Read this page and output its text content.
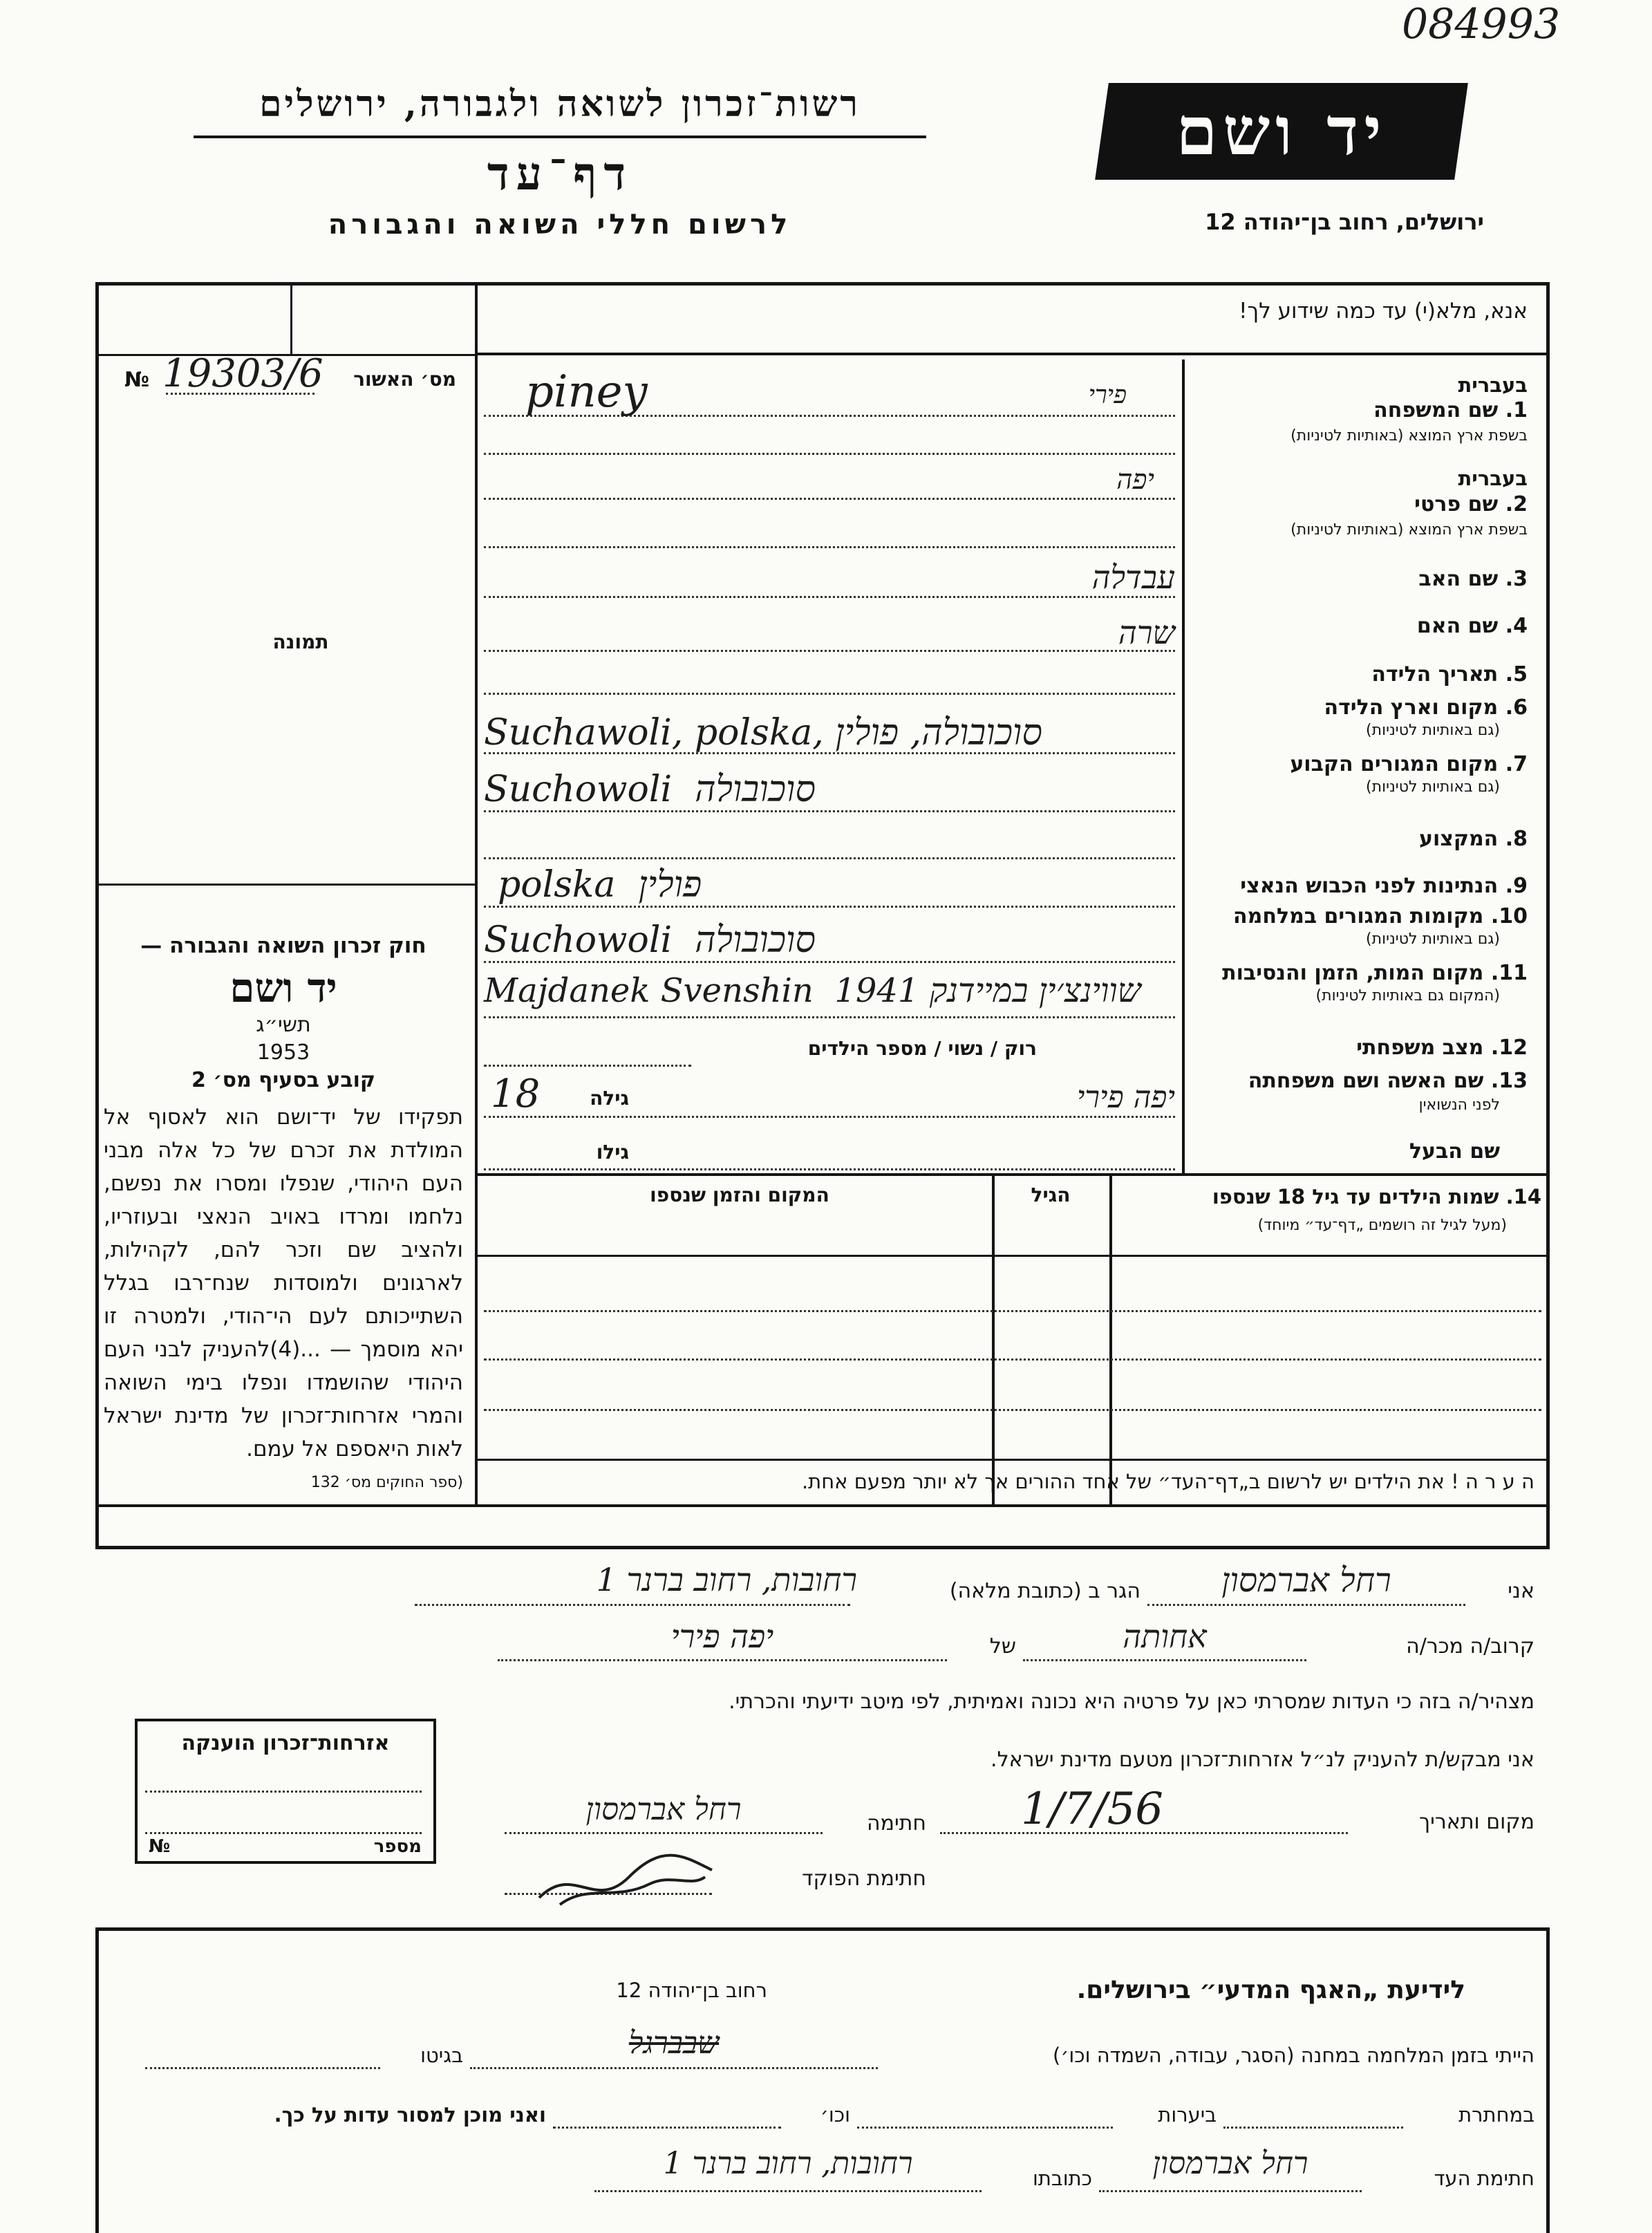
084993
רשות־זכרון לשואה ולגבורה, ירושלים
דף־עד
לרשום חללי השואה והגבורה
יד ושם
ירושלים, רחוב בן־יהודה 12
№ 19303/6	מס׳ האשור
תמונה
חוק זכרון השואה והגבורה —
יד ושם
תשי״ג
1953
קובע בסעיף מס׳ 2
תפקידו של יד־ושם הוא לאסוף אל המולדת את זכרם של כל אלה מבני העם היהודי, שנפלו ומסרו את נפשם, נלחמו ומרדו באויב הנאצי ובעוזריו, ולהציב שם וזכר להם, לקהילות, לארגונים ולמוסדות שנח־רבו בגלל השתייכותם לעם הי־הודי, ולמטרה זו יהא מוסמך — ...(4)להעניק לבני העם היהודי שהושמדו ונפלו בימי השואה והמרי אזרחות־זכרון של מדינת ישראל לאות היאספם אל עמם.
(ספר החוקים מס׳ 132
אנא, מלא(י) עד כמה שידוע לך!
בעברית
1. שם המשפחה
בשפת ארץ המוצא (באותיות לטיניות)
פירי
piney
בעברית
2. שם פרטי
בשפת ארץ המוצא (באותיות לטיניות)
יפה
3. שם האב
עבדלה
4. שם האם
שרה
5. תאריך הלידה
6. מקום וארץ הלידה
(גם באותיות לטיניות)
Suchawoli, polska, סוכובולה, פולין
7. מקום המגורים הקבוע
(גם באותיות לטיניות)
Suchowoli  סוכובולה
8. המקצוע
9. הנתינות לפני הכבוש הנאצי
polska  פולין
10. מקומות המגורים במלחמה
(גם באותיות לטיניות)
Suchowoli  סוכובולה
11. מקום המות, הזמן והנסיבות
(המקום גם באותיות לטיניות)
Majdanek Svenshin  שווינצ׳ין במיידנק 1941
12. מצב משפחתי
רוק / נשוי / מספר הילדים
13. שם האשה ושם משפחתה
לפני הנשואין
יפה פירי
גילה
18
שם הבעל
גילו
14. שמות הילדים עד גיל 18 שנספו
(מעל לגיל זה רושמים „דף־עד״ מיוחד)
הגיל
המקום והזמן שנספו
ה ע ר ה ! את הילדים יש לרשום ב„דף־העד״ של אחד ההורים אך לא יותר מפעם אחת.
אני
רחל אברמסון
הגר ב (כתובת מלאה)
רחובות, רחוב ברנר 1
קרוב/ה מכר/ה
אחותה
של
יפה פירי
מצהיר/ה בזה כי העדות שמסרתי כאן על פרטיה היא נכונה ואמיתית, לפי מיטב ידיעתי והכרתי.
אני מבקש/ת להעניק לנ״ל אזרחות־זכרון מטעם מדינת ישראל.
מקום ותאריך
1/7/56
חתימה
רחל אברמסון
חתימת הפוקד
אזרחות־זכרון הוענקה
№	מספר
לידיעת „האגף המדעי״ בירושלים.
רחוב בן־יהודה 12
הייתי בזמן המלחמה במחנה (הסגר, עבודה, השמדה וכו׳)
שבברגל
בגיטו
במחתרת
ביערות
וכו׳
ואני מוכן למסור עדות על כך.
חתימת העד
רחל אברמסון
כתובתו
רחובות, רחוב ברנר 1
